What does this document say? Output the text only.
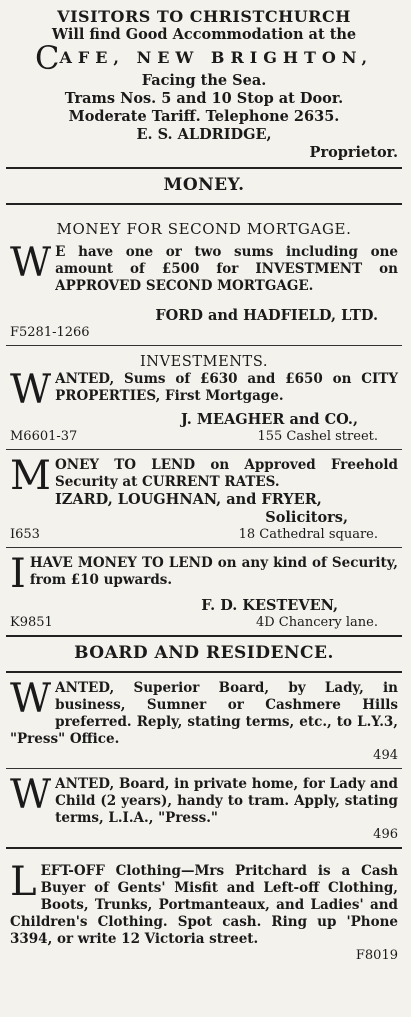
VISITORS TO CHRISTCHURCH
Will find Good Accommodation at the
CAFE, NEW BRIGHTON,
Facing the Sea.
Trams Nos. 5 and 10 Stop at Door.
Moderate Tariff. Telephone 2635.
E. S. ALDRIDGE,
Proprietor.
MONEY.
MONEY FOR SECOND MORTGAGE.
W E have one or two sums including one amount of £500 for INVESTMENT on APPROVED SECOND MORTGAGE.
FORD and HADFIELD, LTD.
F5281-1266
INVESTMENTS.
WANTED, Sums of £630 and £650 on CITY PROPERTIES, First Mortgage.
J. MEAGHER and CO.,
M6601-37	155 Cashel street.
MONEY TO LEND on Approved Freehold Security at CURRENT RATES.
IZARD, LOUGHNAN, and FRYER,
Solicitors,
I653	18 Cathedral square.
IHAVE MONEY TO LEND on any kind of Security, from £10 upwards.
F. D. KESTEVEN,
K9851	4D Chancery lane.
BOARD AND RESIDENCE.
WANTED, Superior Board, by Lady, in business, Sumner or Cashmere Hills preferred. Reply, stating terms, etc., to L.Y.3, "Press" Office.
494
WANTED, Board, in private home, for Lady and Child (2 years), handy to tram. Apply, stating terms, L.I.A., "Press."
496
LEFT-OFF Clothing—Mrs Pritchard is a Cash Buyer of Gents' Misfit and Left-off Clothing, Boots, Trunks, Portmanteaux, and Ladies' and Children's Clothing. Spot cash. Ring up 'Phone 3394, or write 12 Victoria street.
F8019
